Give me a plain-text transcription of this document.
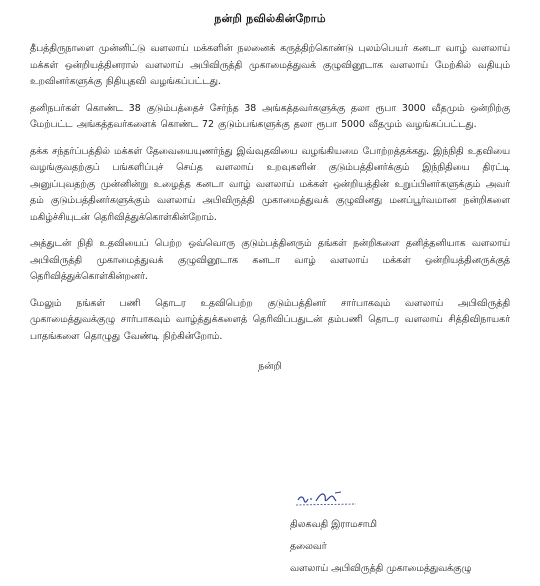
நன்றி நவில்கின்றோம்

தீபத்திருநாளை முன்னிட்டு வளலாய் மக்களின் நலனைக் கருத்திற்கொண்டு புலம்பெயர் கனடா வாழ் வளலாய் மக்கள் ஒன்றியத்தினரால் வளலாய் அபிவிருத்தி முகாமைத்துவக் குழுவினூடாக வளலாய் மேற்கில் வதியும் உறவினர்களுக்கு நிதியுதவி வழங்கப்பட்டது.

தனிநபர்கள் கொண்ட 38 குடும்பத்தைச் சேர்ந்த 38 அங்கத்தவர்களுக்கு தலா ரூபா 3000 வீதமும் ஒன்றிற்கு மேற்பட்ட அங்கத்தவர்களைக் கொண்ட 72 குடும்பங்களுக்கு தலா ரூபா 5000 வீதமும் வழங்கப்பட்டது.

தக்க சந்தர்ப்பத்தில் மக்கள் தேவையையுணர்ந்து இவ்வுதவியை வழங்கியமை போற்றத்தக்கது. இந்நிதி உதவியை வழங்குவதற்குப் பங்களிப்புச் செய்த வளலாய் உறவுகளின் குடும்பத்தினர்க்கும் இந்நிதியை திரட்டி அனுப்புவதற்கு முன்னின்று உழைத்த கனடா வாழ் வளலாய் மக்கள் ஒன்றியத்தின் உறுப்பினர்களுக்கும் அவர் தம் குடும்பத்தினர்களுக்கும் வளலாய் அபிவிருத்தி முகாமைத்துவக் குழுவினது மனப்பூர்வமான நன்றிகளை மகிழ்ச்சியுடன் தெரிவித்துக்கொள்கின்றோம்.

அத்துடன் நிதி உதவியைப் பெற்ற ஒவ்வொரு குடும்பத்தினரும் தங்கள் நன்றிகளை தனித்தனியாக வளலாய் அபிவிருத்தி முகாமைத்துவக் குழுவினூடாக கனடா வாழ் வளலாய் மக்கள் ஒன்றியத்தினருக்குத் தெரிவித்துக்கொள்கின்றனர்.

மேலும் நங்கள் பணி தொடர உதவிபெற்ற குடும்பத்தினர் சார்பாகவும் வளலாய் அபிவிருத்தி முகாமைத்துவக்குழு சார்பாகவும் வாழ்த்துக்களைத் தெரிவிப்பதுடன் தம்பணி தொடர வளலாய் சித்திவிநாயகர் பாதங்களை தொழுது வேண்டி நிற்கின்றோம்.

நன்றி

திலகவதி இராமசாமி

தலைவர்

வளலாய் அபிவிருத்தி முகாமைத்துவக்குழு
